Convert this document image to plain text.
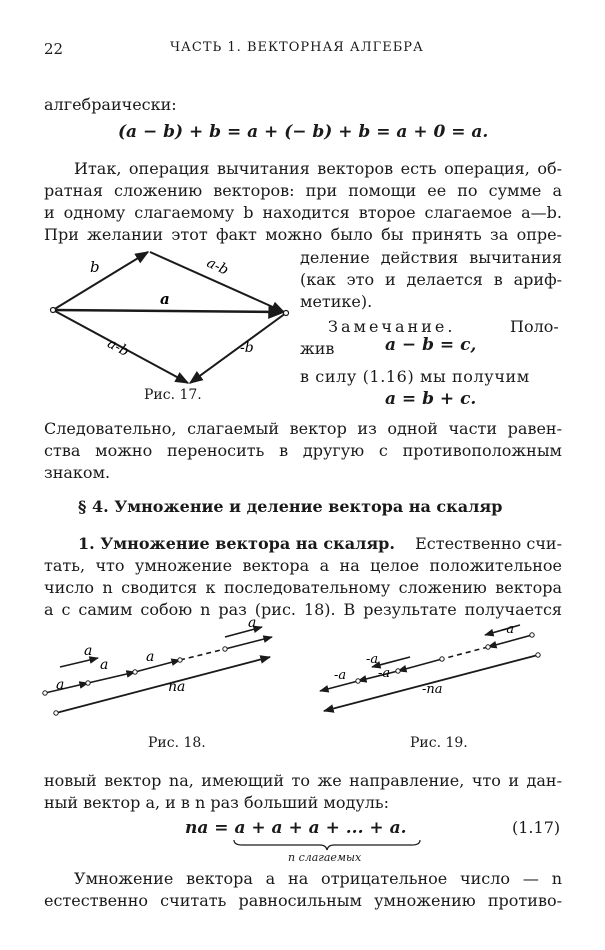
22	ЧАСТЬ 1. ВЕКТОРНАЯ АЛГЕБРА
алгебраически:
(a − b) + b = a + (− b) + b = a + 0 = a.
Итак, операция вычитания векторов есть операция, об-
ратная сложению векторов: при помощи ее по сумме a
и одному слагаемому b находится второе слагаемое a—b.
При желании этот факт можно было бы принять за опре-
деление действия вычитания
(как это и делается в ариф-
метике).
Замечание.	Поло-
жив	a − b = c,
в силу (1.16) мы получим
a = b + c.
b	a-b
a
-b
a-b
Рис. 17.
Следовательно, слагаемый вектор из одной части равен-
ства можно переносить в другую с противоположным
знаком.
§ 4. Умножение и деление вектора на скаляр
1. Умножение вектора на скаляр.	Естественно счи-
тать, что умножение вектора a на целое положительное
число n сводится к последовательному сложению вектора
a с самим собою n раз (рис. 18). В результате получается
a
a
a	a
a
na
Рис. 18.
-a
-a
-a
-a
-na
Рис. 19.
новый вектор na, имеющий то же направление, что и дан-
ный вектор a, и в n раз больший модуль:
na = a + a + a + ... + a.	(1.17)
n слагаемых
Умножение вектора a на отрицательное число — n
естественно считать равносильным умножению противо-
